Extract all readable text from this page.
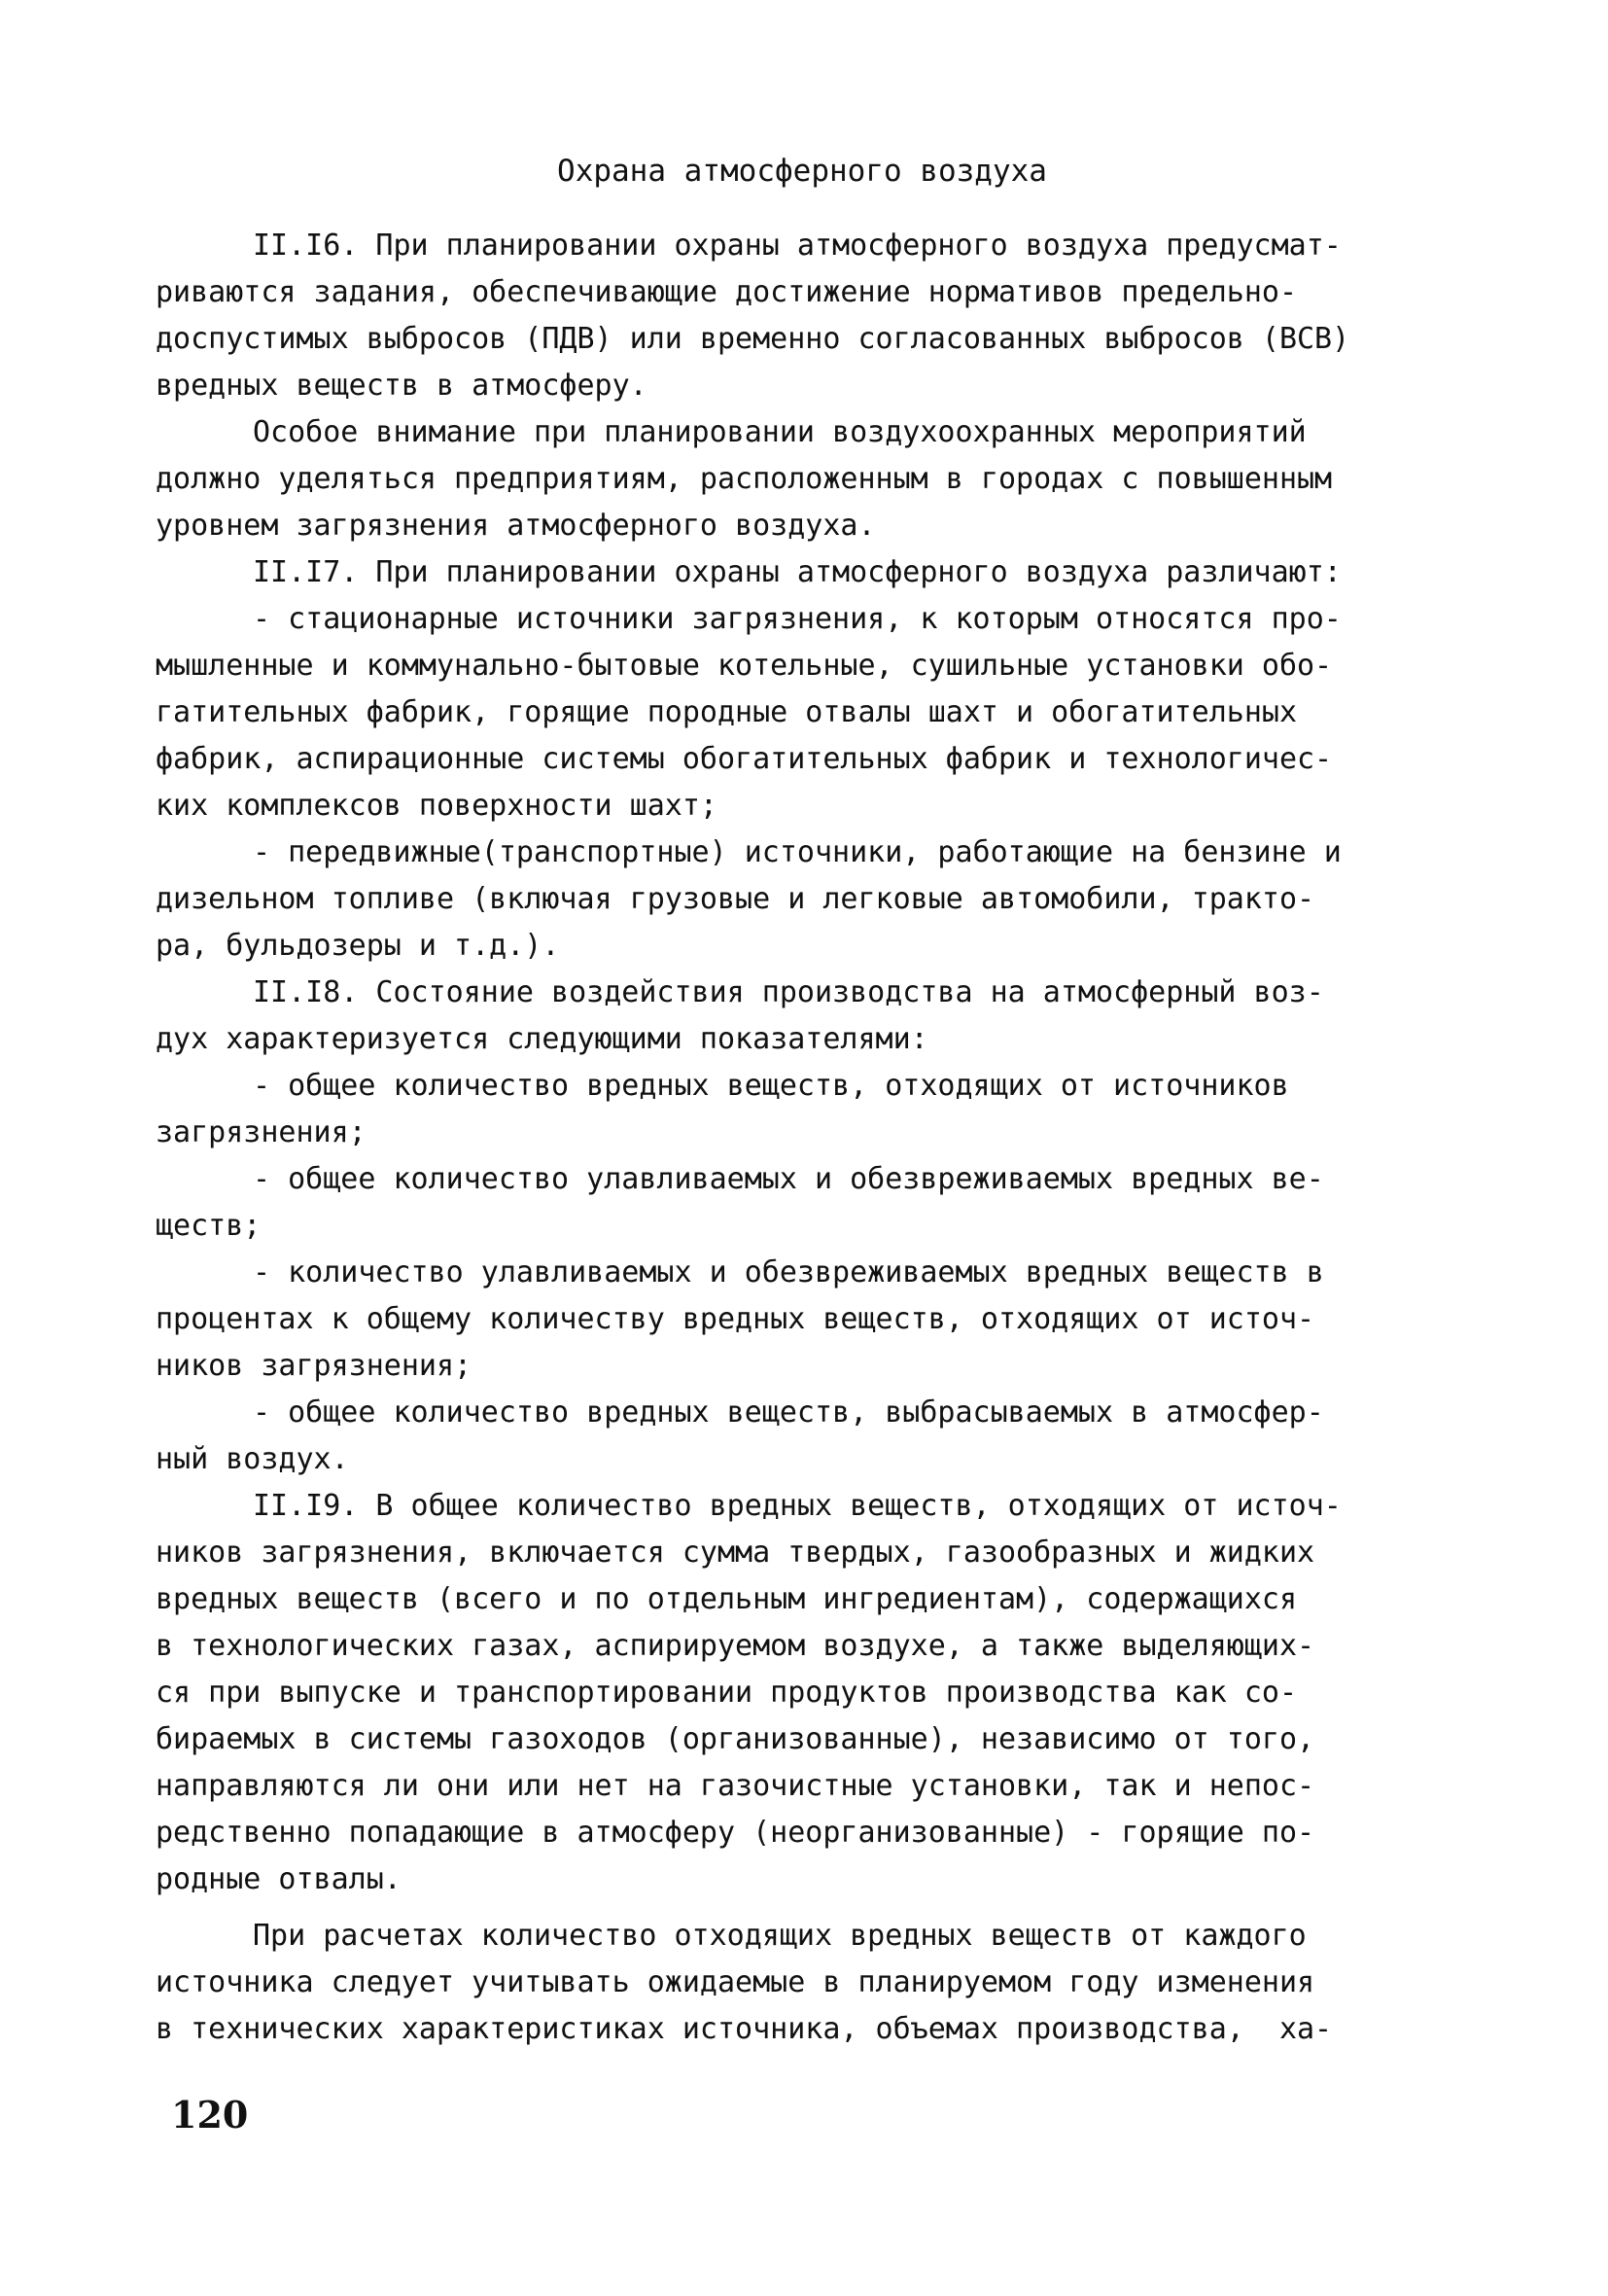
Охрана атмосферного воздуха
II.I6. При планировании охраны атмосферного воздуха предусмат-
риваются задания, обеспечивающие достижение нормативов предельно-
доспустимых выбросов (ПДВ) или временно согласованных выбросов (ВСВ)
вредных веществ в атмосферу.
Особое внимание при планировании воздухоохранных мероприятий
должно уделяться предприятиям, расположенным в городах с повышенным
уровнем загрязнения атмосферного воздуха.
II.I7. При планировании охраны атмосферного воздуха различают:
- стационарные источники загрязнения, к которым относятся про-
мышленные и коммунально-бытовые котельные, сушильные установки обо-
гатительных фабрик, горящие породные отвалы шахт и обогатительных
фабрик, аспирационные системы обогатительных фабрик и технологичес-
ких комплексов поверхности шахт;
- передвижные(транспортные) источники, работающие на бензине и
дизельном топливе (включая грузовые и легковые автомобили, тракто-
ра, бульдозеры и т.д.).
II.I8. Состояние воздействия производства на атмосферный воз-
дух характеризуется следующими показателями:
- общее количество вредных веществ, отходящих от источников
загрязнения;
- общее количество улавливаемых и обезвреживаемых вредных ве-
ществ;
- количество улавливаемых и обезвреживаемых вредных веществ в
процентах к общему количеству вредных веществ, отходящих от источ-
ников загрязнения;
- общее количество вредных веществ, выбрасываемых в атмосфер-
ный воздух.
II.I9. В общее количество вредных веществ, отходящих от источ-
ников загрязнения, включается сумма твердых, газообразных и жидких
вредных веществ (всего и по отдельным ингредиентам), содержащихся
в технологических газах, аспирируемом воздухе, а также выделяющих-
ся при выпуске и транспортировании продуктов производства как со-
бираемых в системы газоходов (организованные), независимо от того,
направляются ли они или нет на газочистные установки, так и непос-
редственно попадающие в атмосферу (неорганизованные) - горящие по-
родные отвалы.
При расчетах количество отходящих вредных веществ от каждого
источника следует учитывать ожидаемые в планируемом году изменения
в технических характеристиках источника, объемах производства,  ха-
120
